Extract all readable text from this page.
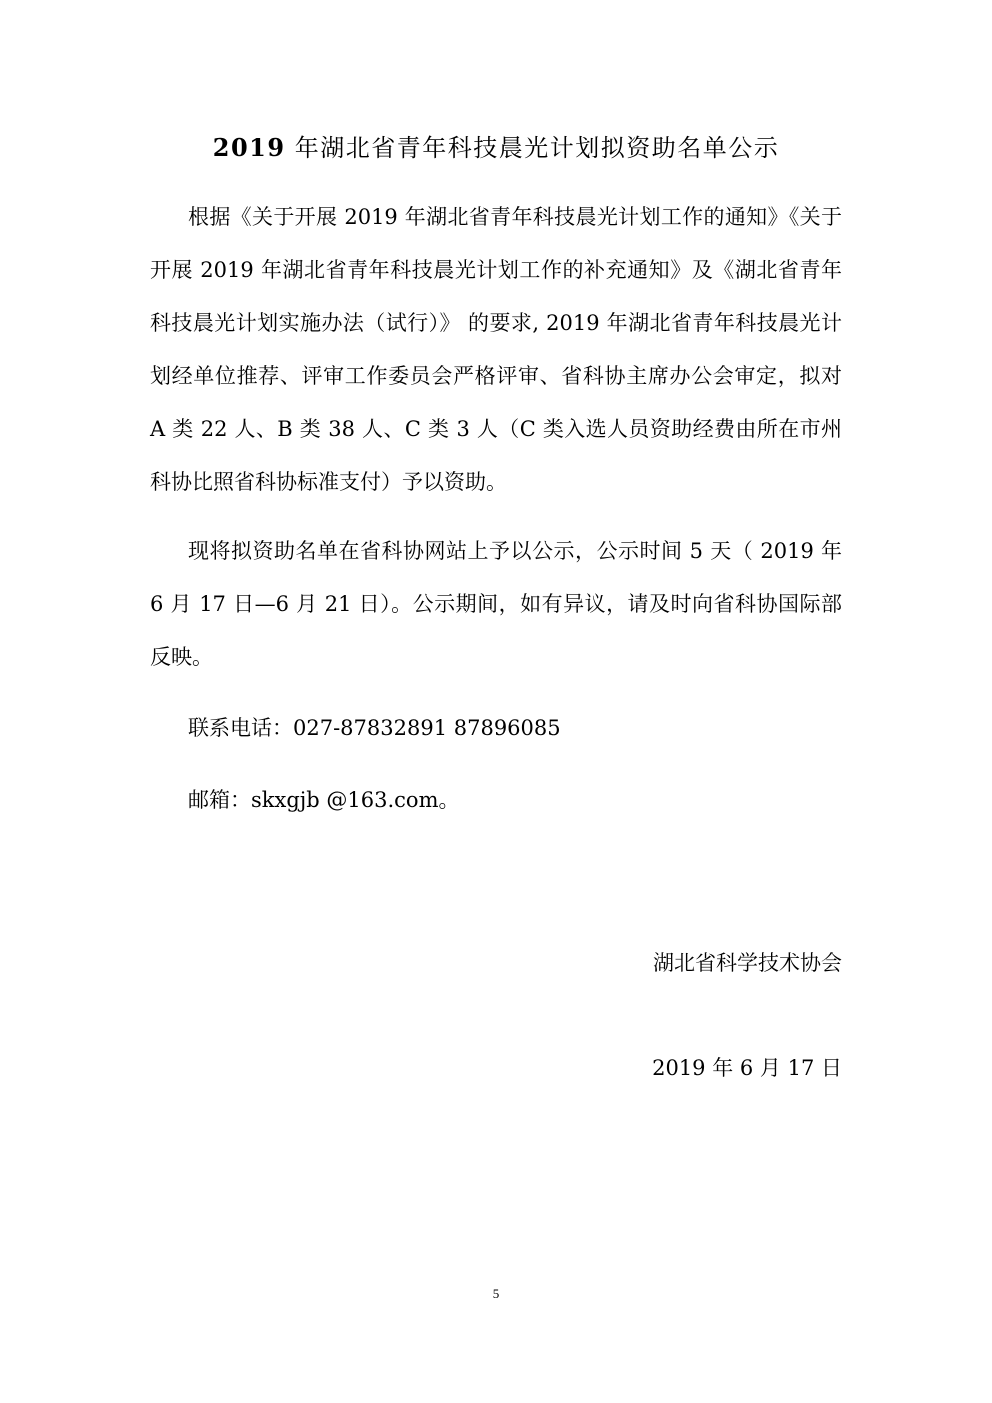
2019 年湖北省青年科技晨光计划拟资助名单公示

根据《关于开展 2019 年湖北省青年科技晨光计划工作的通知》《关于开展 2019 年湖北省青年科技晨光计划工作的补充通知》及《湖北省青年科技晨光计划实施办法（试行）》 的要求, 2019 年湖北省青年科技晨光计划经单位推荐、评审工作委员会严格评审、省科协主席办公会审定，拟对 A 类 22 人、B 类 38 人、C 类 3 人（C 类入选人员资助经费由所在市州科协比照省科协标准支付）予以资助。

现将拟资助名单在省科协网站上予以公示，公示时间 5 天（ 2019 年 6 月 17 日—6 月 21 日）。公示期间，如有异议，请及时向省科协国际部反映。

联系电话：027-87832891 87896085
邮箱：skxgjb @163.com。
湖北省科学技术协会
2019 年 6 月 17 日
5
